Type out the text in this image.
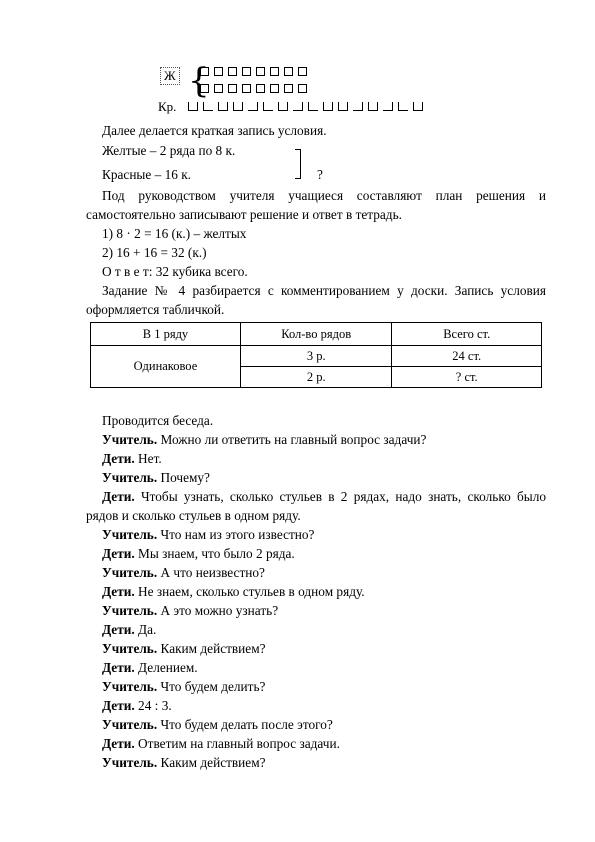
Ж {
Кр.

Далее делается краткая запись условия.

Желтые – 2 ряда по 8 к.

Красные – 16 к.	?

Под руководством учителя учащиеся составляют план решения и самостоятельно записывают решение и ответ в тетрадь.

1) 8 · 2 = 16 (к.) – желтых

2) 16 + 16 = 32 (к.)

О т в е т: 32 кубика всего.

Задание № 4 разбирается с комментированием у доски. Запись условия оформляется табличкой.

В 1 ряду	Кол-во рядов	Всего ст.
Одинаковое	3 р.	24 ст.
	2 р.	? ст.

Проводится беседа.

Учитель. Можно ли ответить на главный вопрос задачи?

Дети. Нет.

Учитель. Почему?

Дети. Чтобы узнать, сколько стульев в 2 рядах, надо знать, сколько было рядов и сколько стульев в одном ряду.

Учитель. Что нам из этого известно?

Дети. Мы знаем, что было 2 ряда.

Учитель. А что неизвестно?

Дети. Не знаем, сколько стульев в одном ряду.

Учитель. А это можно узнать?

Дети. Да.

Учитель. Каким действием?

Дети. Делением.

Учитель. Что будем делить?

Дети. 24 : 3.

Учитель. Что будем делать после этого?

Дети. Ответим на главный вопрос задачи.

Учитель. Каким действием?
